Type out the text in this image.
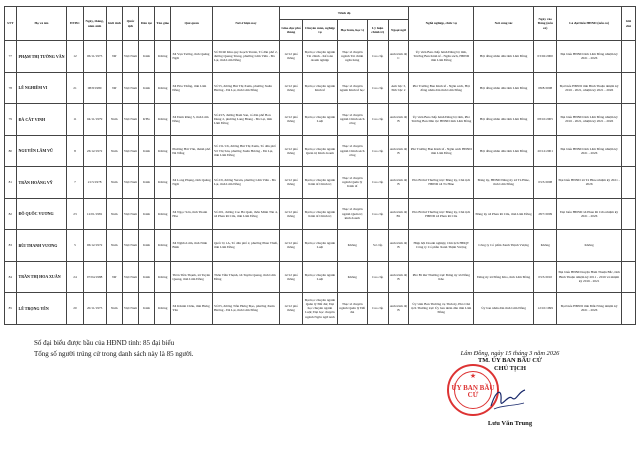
STT	Họ và tên	ĐVBC	Ngày, tháng, năm sinh	Giới tính	Quốc tịch	Dân tộc	Tôn giáo	Quê quán	Nơi ở hiện nay	Trình độ					Nghề nghiệp, chức vụ	Nơi công tác	Ngày vào Đảng (nếu có)	Là đại biểu HĐND (nếu có)	Ghi chú
										Giáo dục phổ thông	Chuyên môn, nghiệp vụ	Học hàm, học vị	Lý luận chính trị	Ngoại ngữ					
77	PHẠM THỊ TƯỜNG VÂN	12	06/11/1975	Nữ	Việt Nam	Kinh	Không	Xã Vạn Tường, tỉnh Quảng Ngãi	Số 30/40 Khu quy hoạch Yersin, Tổ dân phố 2, đường Quang Trung, phường Lâm Viên - Đà Lạt, tỉnh Lâm Đồng	12/12 phổ thông	Đại học chuyên ngành Tài chính - Kế toán doanh nghiệp	Thạc sĩ chuyên ngành Tài chính ngân hàng	Cao cấp	Anh trình độ C	Ủy viên Ban chấp hành Đảng bộ tỉnh, Trưởng Ban Kinh tế - Ngân sách, HĐND tỉnh Lâm Đồng	Hội đồng nhân dân tỉnh Lâm Đồng	03/02/2000	Đại biểu HĐND tỉnh Lâm Đồng nhiệm kỳ 2021 - 2026	
78	LÊ NGHIÊM VI	21	08/8/1980	Nữ	Việt Nam	Kinh	Không	Xã Hòa Thắng, tỉnh Lâm Đồng	Số 55, đường Bùi Thị Xuân, phường Xuân Hương - Đà Lạt, tỉnh Lâm Đồng	12/12 phổ thông	Đại học chuyên ngành Kinh tế	Thạc sĩ chuyên ngành Kinh tế học	Cao cấp	Anh bậc 3, Đức bậc 2	Phó Trưởng Ban Kinh tế - Ngân sách, Hội đồng nhân dân tỉnh Lâm Đồng	Hội đồng nhân dân tỉnh Lâm Đồng	08/8/2008	Đại biểu HĐND tỉnh Bình Thuận nhiệm kỳ 2016 - 2021, nhiệm kỳ 2021 - 2026	
79	ĐÀ CẮT VINH	11	04/11/1979	Nam	Việt Nam	K'Ho	Không	Xã Đam Rông 3, tỉnh Lâm Đồng	Số 43/5, đường Đam San, tổ dân phố Bon Dung 2, phường Lang Biang - Đà Lạt, tỉnh Lâm Đồng	12/12 phổ thông	Đại học chuyên ngành Luật	Thạc sĩ chuyên ngành Chính sách công	Cao cấp	Anh trình độ B	Ủy viên Ban chấp hành Đảng bộ tỉnh, Phó Trưởng Ban Dân tộc HĐND tỉnh Lâm Đồng	Hội đồng nhân dân tỉnh Lâm Đồng	08/10/2005	Đại biểu HĐND tỉnh Lâm Đồng nhiệm kỳ 2016 - 2021, nhiệm kỳ 2021 - 2026	
80	NGUYỄN LÂM VŨ	8	26/12/1972	Nam	Việt Nam	Kinh	Không	Phường Hải Vân, thành phố Đà Nẵng	Số 131/1/6, đường Bùi Thị Xuân, Tổ dân phố Võ Thị Sáu, phường Xuân Hương - Đà Lạt, tỉnh Lâm Đồng	12/12 phổ thông	Đại học chuyên ngành Quản trị Kinh doanh	Thạc sĩ chuyên ngành Chính sách công	Cao cấp	Anh trình độ B	Phó Trưởng Ban Kinh tế - Ngân sách HĐND tỉnh Lâm Đồng	Hội đồng nhân dân tỉnh Lâm Đồng	20/12/2001	Đại biểu HĐND tỉnh Lâm Đồng nhiệm kỳ 2021 - 2026	
81	TRẦN HOÀNG VỸ	7	21/5/1978	Nam	Việt Nam	Kinh	Không	Xã Long Phụng, tỉnh Quảng Ngãi	Số 2/9, đường Yersin, phường Lâm Viên - Đà Lạt, tỉnh Lâm Đồng	12/12 phổ thông	Đại học chuyên ngành Kinh tế Chính trị	Thạc sĩ chuyên ngành Quản lý Kinh tế	Cao cấp	Anh trình độ B	Phó Bí thư Thường trực Đảng ủy, Chủ tịch HĐND xã Tà Hine	Đảng ủy, HĐND Đảng ủy xã Tà Hine, tỉnh Lâm Đồng	03/3/2008	Đại biểu HĐND xã Tà Hine nhiệm kỳ 2021 - 2026	
82	ĐỖ QUỐC VƯƠNG	23	12/01/1981	Nam	Việt Nam	Kinh	Không	Xã Ngọc Sơn, tỉnh Thanh Hóa	Số 201, đường Cao Bá Quát, thôn Minh Tân 4, xã Phan Rí Cửa, tỉnh Lâm Đồng	12/12 phổ thông	Đại học chuyên ngành Kinh tế Chính trị	Thạc sĩ chuyên ngành Quản trị kinh doanh	Cao cấp	Anh trình độ B1	Phó Bí thư Thường trực Đảng ủy, Chủ tịch HĐND xã Phan Rí Cửa	Đảng ủy xã Phan Rí Cửa, tỉnh Lâm Đồng	28/7/2009	Đại biểu HĐND xã Phan Rí Cửa nhiệm kỳ 2021 - 2026	
83	BÙI THANH VƯƠNG	5	06/12/1972	Nam	Việt Nam	Kinh	Không	Xã Nghĩa Lâm, tỉnh Ninh Bình	Quốc lộ 1A, Tổ dân phố 2, phường Phan Thiết, tỉnh Lâm Đồng	12/12 phổ thông	Đại học chuyên ngành Luật	Không	Sơ cấp	Anh trình độ B	Hiệp hội Doanh nghiệp; Chủ tịch HĐQT Công ty Cổ phần Xanh Thịnh Vượng	Công ty Cổ phần Xanh Thịnh Vượng	Không	Không	
84	TRẦN THỊ HOA XUÂN	24	07/04/1988	Nữ	Việt Nam	Kinh	Không	Thôn Tiền Thạnh, xã Tuyên Quang, tỉnh Lâm Đồng	Thôn Tiền Thạnh, xã Tuyên Quang, tỉnh Lâm Đồng	12/12 phổ thông	Đại học chuyên ngành Luật	Không	Cao cấp	Anh trình độ B	Phó Bí thư Thường trực Đảng ủy xã Đồng Kho	Đảng ủy xã Đồng Kho, tỉnh Lâm Đồng	03/3/2010	Đại biểu HĐND huyện Hàm Thuận Bắc, tỉnh Bình Thuận nhiệm kỳ 2011 - 2016 và nhiệm kỳ 2016 - 2021	
85	LÊ TRỌNG YÊN	20	20/11/1975	Nam	Việt Nam	Kinh	Không	Xã Khánh Châu, tỉnh Hưng Yên	Số 05, đường Trần Hưng Đạo, phường Xuân Hương - Đà Lạt, tỉnh Lâm Đồng	12/12 phổ thông	Đại học chuyên ngành Quản lý Đất đai; Đại học chuyên ngành Luật; Đại học chuyên ngành Ngôn ngữ Anh	Thạc sĩ chuyên ngành Quản lý Đất đai	Cao cấp	Anh trình độ B	Ủy viên Ban Thường vụ Tỉnh ủy, Phó Chủ tịch Thường trực Ủy ban nhân dân tỉnh Lâm Đồng	Ủy ban nhân dân tỉnh Lâm Đồng	12/10/1999	Đại biểu HĐND tỉnh Đắk Nông nhiệm kỳ 2021 - 2026	
Số đại biểu được bầu của HĐND tỉnh: 85 đại biểu
Tổng số người trúng cử trong danh sách này là 85 người.	Lâm Đồng, ngày 15 tháng 3 năm 2026
TM. ỦY BAN BẦU CỬ
CHỦ TỊCH
★
ỦY BAN BẦU CỬ
Lưu Văn Trung
